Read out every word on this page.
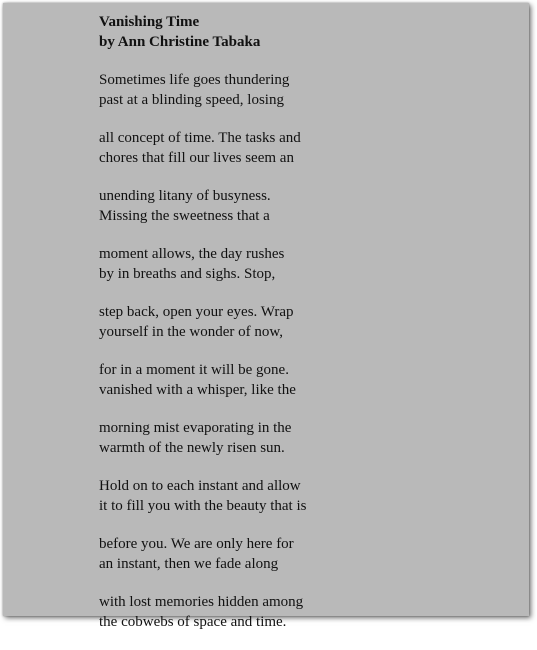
Vanishing Time
by Ann Christine Tabaka
Sometimes life goes thundering
past at a blinding speed, losing
all concept of time. The tasks and
chores that fill our lives seem an
unending litany of busyness.
Missing the sweetness that a
moment allows, the day rushes
by in breaths and sighs. Stop,
step back, open your eyes. Wrap
yourself in the wonder of now,
for in a moment it will be gone.
vanished with a whisper, like the
morning mist evaporating in the
warmth of the newly risen sun.
Hold on to each instant and allow
it to fill you with the beauty that is
before you. We are only here for
an instant, then we fade along
with lost memories hidden among
the cobwebs of space and time.
